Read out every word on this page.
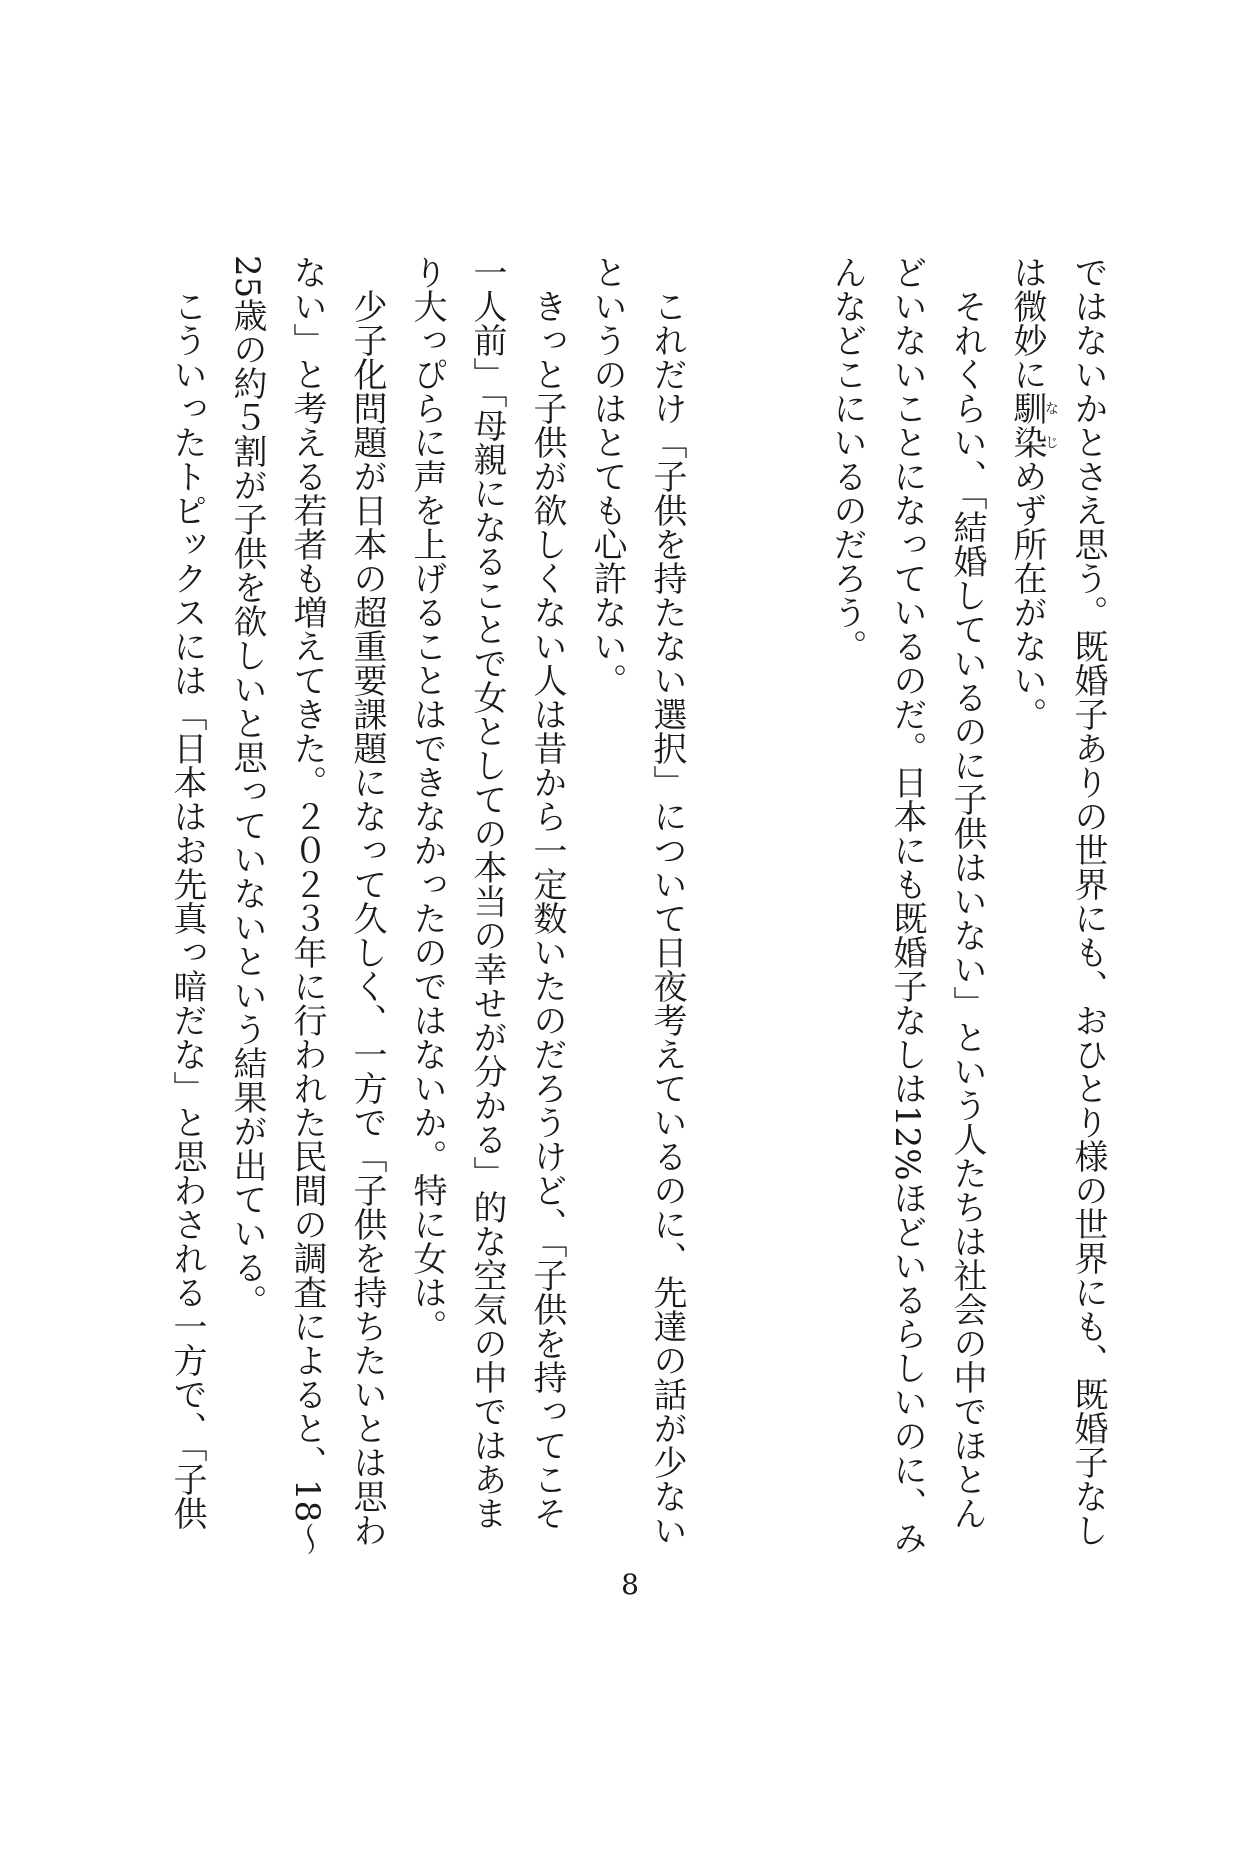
ではないかとさえ思う。既婚子ありの世界にも、おひとり様の世界にも、既婚子なし
は微妙に馴染なじめず所在がない。
　それくらい、「結婚しているのに子供はいない」という人たちは社会の中でほとん
どいないことになっているのだ。日本にも既婚子なしは12%ほどいるらしいのに、み
んなどこにいるのだろう。
　これだけ「子供を持たない選択」について日夜考えているのに、先達の話が少ない
というのはとても心許ない。
　きっと子供が欲しくない人は昔から一定数いたのだろうけど、「子供を持ってこそ
一人前」「母親になることで女としての本当の幸せが分かる」的な空気の中ではあま
り大っぴらに声を上げることはできなかったのではないか。特に女は。
　少子化問題が日本の超重要課題になって久しく、一方で「子供を持ちたいとは思わ
ない」と考える若者も増えてきた。２０２３年に行われた民間の調査によると、18〜
25歳の約５割が子供を欲しいと思っていないという結果が出ている。
　こういったトピックスには「日本はお先真っ暗だな」と思わされる一方で、「子供
8
